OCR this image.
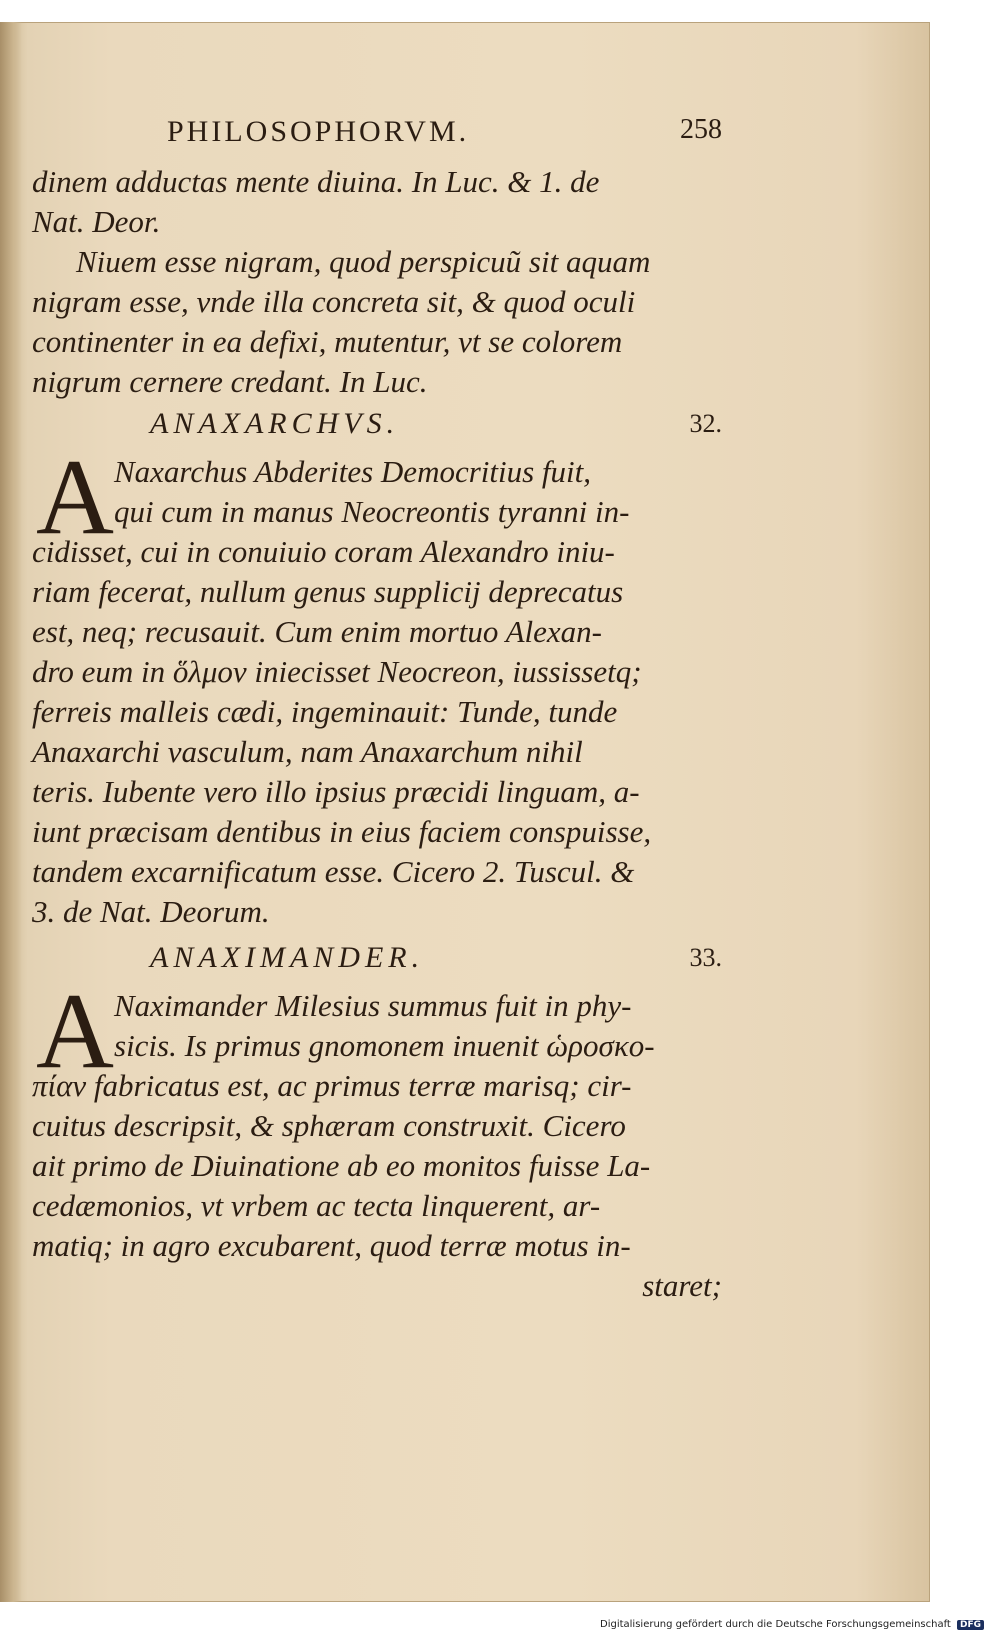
PHILOSOPHORVM.	258
dinem adductas mente diuina. In Luc. & 1. de
Nat. Deor.
Niuem esse nigram, quod perspicuũ sit aquam
nigram esse, vnde illa concreta sit, & quod oculi
continenter in ea defixi, mutentur, vt se colorem
nigrum cernere credant. In Luc.
ANAXARCHVS.	32.
A Naxarchus Abderites Democritius fuit,
qui cum in manus Neocreontis tyranni in-
cidisset, cui in conuiuio coram Alexandro iniu-
riam fecerat, nullum genus supplicij deprecatus
est, neq; recusauit. Cum enim mortuo Alexan-
dro eum in ὅλμον iniecisset Neocreon, iussissetq;
ferreis malleis cædi, ingeminauit: Tunde, tunde
Anaxarchi vasculum, nam Anaxarchum nihil
teris. Iubente vero illo ipsius præcidi linguam, a-
iunt præcisam dentibus in eius faciem conspuisse,
tandem excarnificatum esse. Cicero 2. Tuscul. &
3. de Nat. Deorum.
ANAXIMANDER.	33.
A Naximander Milesius summus fuit in phy-
sicis. Is primus gnomonem inuenit ὡροσκο-
πίαν fabricatus est, ac primus terræ marisq; cir-
cuitus descripsit, & sphæram construxit. Cicero
ait primo de Diuinatione ab eo monitos fuisse La-
cedæmonios, vt vrbem ac tecta linquerent, ar-
matiq; in agro excubarent, quod terræ motus in-
staret;
Digitalisierung gefördert durch die Deutsche Forschungsgemeinschaft DFG
